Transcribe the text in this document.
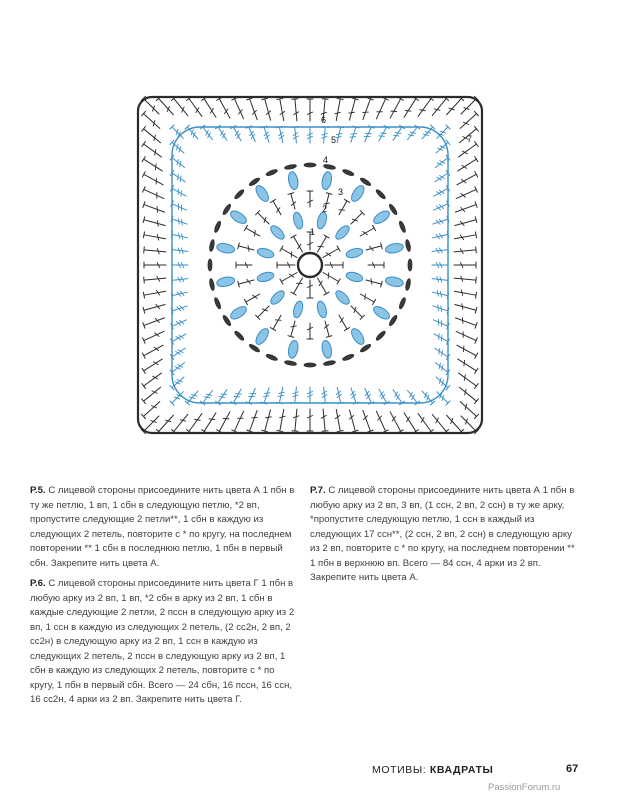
1
2
3
4
5
6
7

Р.5. С лицевой стороны присоедините нить цвета А 1 пбн в ту же петлю, 1 вп, 1 сбн в следующую петлю, *2 вп, пропустите следующие 2 петли**, 1 сбн в каждую из следующих 2 петель, повторите с * по кругу, на последнем повторении ** 1 сбн в последнюю петлю, 1 пбн в первый сбн. Закрепите нить цвета А.

Р.6. С лицевой стороны присоедините нить цвета Г 1 пбн в любую арку из 2 вп, 1 вп, *2 сбн в арку из 2 вп, 1 сбн в каждые следующие 2 петли, 2 пссн в следующую арку из 2 вп, 1 ссн в каждую из следующих 2 петель, (2 сс2н, 2 вп, 2 сс2н) в следующую арку из 2 вп, 1 ссн в каждую из следующих 2 петель, 2 пссн в следующую арку из 2 вп, 1 сбн в каждую из следующих 2 петель, повторите с * по кругу, 1 пбн в первый сбн. Всего — 24 сбн, 16 пссн, 16 ссн, 16 сс2н, 4 арки из 2 вп. Закрепите нить цвета Г.

Р.7. С лицевой стороны присоедините нить цвета А 1 пбн в любую арку из 2 вп, 3 вп, (1 ссн, 2 вп, 2 ссн) в ту же арку, *пропустите следующую петлю, 1 ссн в каждый из следующих 17 ссн**, (2 ссн, 2 вп, 2 ссн) в следующую арку из 2 вп, повторите с * по кругу, на последнем повторении ** 1 пбн в верхнюю вп. Всего — 84 ссн, 4 арки из 2 вп. Закрепите нить цвета А.

МОТИВЫ: КВАДРАТЫ	67
PassionForum.ru
